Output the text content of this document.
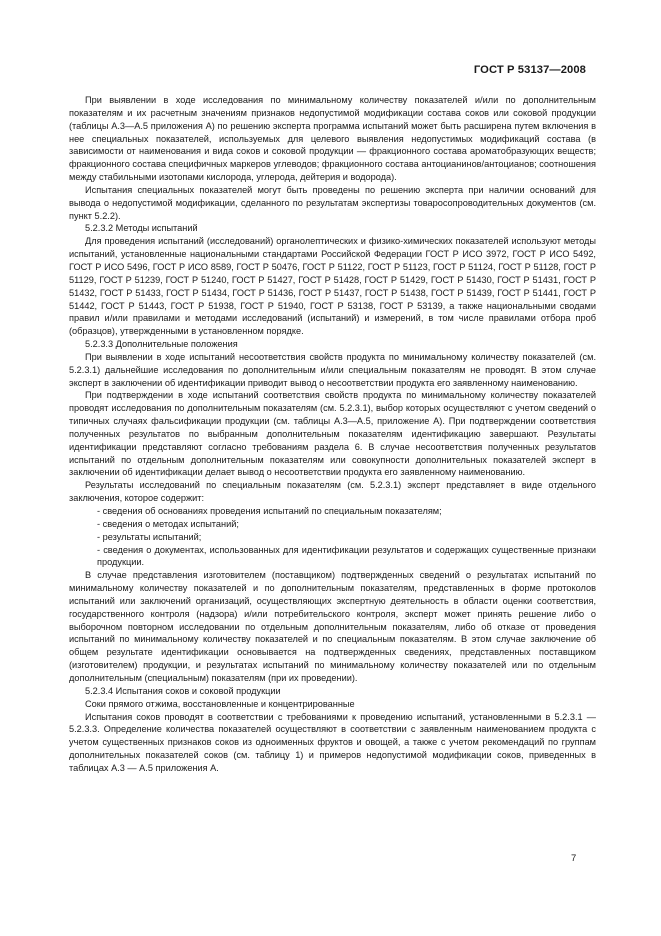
ГОСТ Р 53137—2008

При выявлении в ходе исследования по минимальному количеству показателей и/или по дополнительным показателям и их расчетным значениям признаков недопустимой модификации состава соков или соковой продукции (таблицы А.3—А.5 приложения А) по решению эксперта программа испытаний может быть расширена путем включения в нее специальных показателей, используемых для целевого выявления недопустимых модификаций состава (в зависимости от наименования и вида соков и соковой продукции — фракционного состава ароматобразующих веществ; фракционного состава специфичных маркеров углеводов; фракционного состава антоцианинов/антоцианов; соотношения между стабильными изотопами кислорода, углерода, дейтерия и водорода).

Испытания специальных показателей могут быть проведены по решению эксперта при наличии оснований для вывода о недопустимой модификации, сделанного по результатам экспертизы товаросопроводительных документов (см. пункт 5.2.2).

5.2.3.2 Методы испытаний

Для проведения испытаний (исследований) органолептических и физико-химических показателей используют методы испытаний, установленные национальными стандартами Российской Федерации ГОСТ Р ИСО 3972, ГОСТ Р ИСО 5492, ГОСТ Р ИСО 5496, ГОСТ Р ИСО 8589, ГОСТ Р 50476, ГОСТ Р 51122, ГОСТ Р 51123, ГОСТ Р 51124, ГОСТ Р 51128, ГОСТ Р 51129, ГОСТ Р 51239, ГОСТ Р 51240, ГОСТ Р 51427, ГОСТ Р 51428, ГОСТ Р 51429, ГОСТ Р 51430, ГОСТ Р 51431, ГОСТ Р 51432, ГОСТ Р 51433, ГОСТ Р 51434, ГОСТ Р 51436, ГОСТ Р 51437, ГОСТ Р 51438, ГОСТ Р 51439, ГОСТ Р 51441, ГОСТ Р 51442, ГОСТ Р 51443, ГОСТ Р 51938, ГОСТ Р 51940, ГОСТ Р 53138, ГОСТ Р 53139, а также национальными сводами правил и/или правилами и методами исследований (испытаний) и измерений, в том числе правилами отбора проб (образцов), утвержденными в установленном порядке.

5.2.3.3 Дополнительные положения

При выявлении в ходе испытаний несоответствия свойств продукта по минимальному количеству показателей (см. 5.2.3.1) дальнейшие исследования по дополнительным и/или специальным показателям не проводят. В этом случае эксперт в заключении об идентификации приводит вывод о несоответствии продукта его заявленному наименованию.

При подтверждении в ходе испытаний соответствия свойств продукта по минимальному количеству показателей проводят исследования по дополнительным показателям (см. 5.2.3.1), выбор которых осуществляют с учетом сведений о типичных случаях фальсификации продукции (см. таблицы А.3—А.5, приложение А). При подтверждении соответствия полученных результатов по выбранным дополнительным показателям идентификацию завершают. Результаты идентификации представляют согласно требованиям раздела 6. В случае несоответствия полученных результатов испытаний по отдельным дополнительным показателям или совокупности дополнительных показателей эксперт в заключении об идентификации делает вывод о несоответствии продукта его заявленному наименованию.

Результаты исследований по специальным показателям (см. 5.2.3.1) эксперт представляет в виде отдельного заключения, которое содержит:

- сведения об основаниях проведения испытаний по специальным показателям;

- сведения о методах испытаний;

- результаты испытаний;

- сведения о документах, использованных для идентификации результатов и содержащих существенные признаки продукции.

В случае представления изготовителем (поставщиком) подтвержденных сведений о результатах испытаний по минимальному количеству показателей и по дополнительным показателям, представленных в форме протоколов испытаний или заключений организаций, осуществляющих экспертную деятельность в области оценки соответствия, государственного контроля (надзора) и/или потребительского контроля, эксперт может принять решение либо о выборочном повторном исследовании по отдельным дополнительным показателям, либо об отказе от проведения испытаний по минимальному количеству показателей и по специальным показателям. В этом случае заключение об общем результате идентификации основывается на подтвержденных сведениях, представленных поставщиком (изготовителем) продукции, и результатах испытаний по минимальному количеству показателей или по отдельным дополнительным (специальным) показателям (при их проведении).

5.2.3.4 Испытания соков и соковой продукции

Соки прямого отжима, восстановленные и концентрированные

Испытания соков проводят в соответствии с требованиями к проведению испытаний, установленными в 5.2.3.1 — 5.2.3.3. Определение количества показателей осуществляют в соответствии с заявленным наименованием продукта с учетом существенных признаков соков из одноименных фруктов и овощей, а также с учетом рекомендаций по группам дополнительных показателей соков (см. таблицу 1) и примеров недопустимой модификации соков, приведенных в таблицах А.3 — А.5 приложения А.

7
